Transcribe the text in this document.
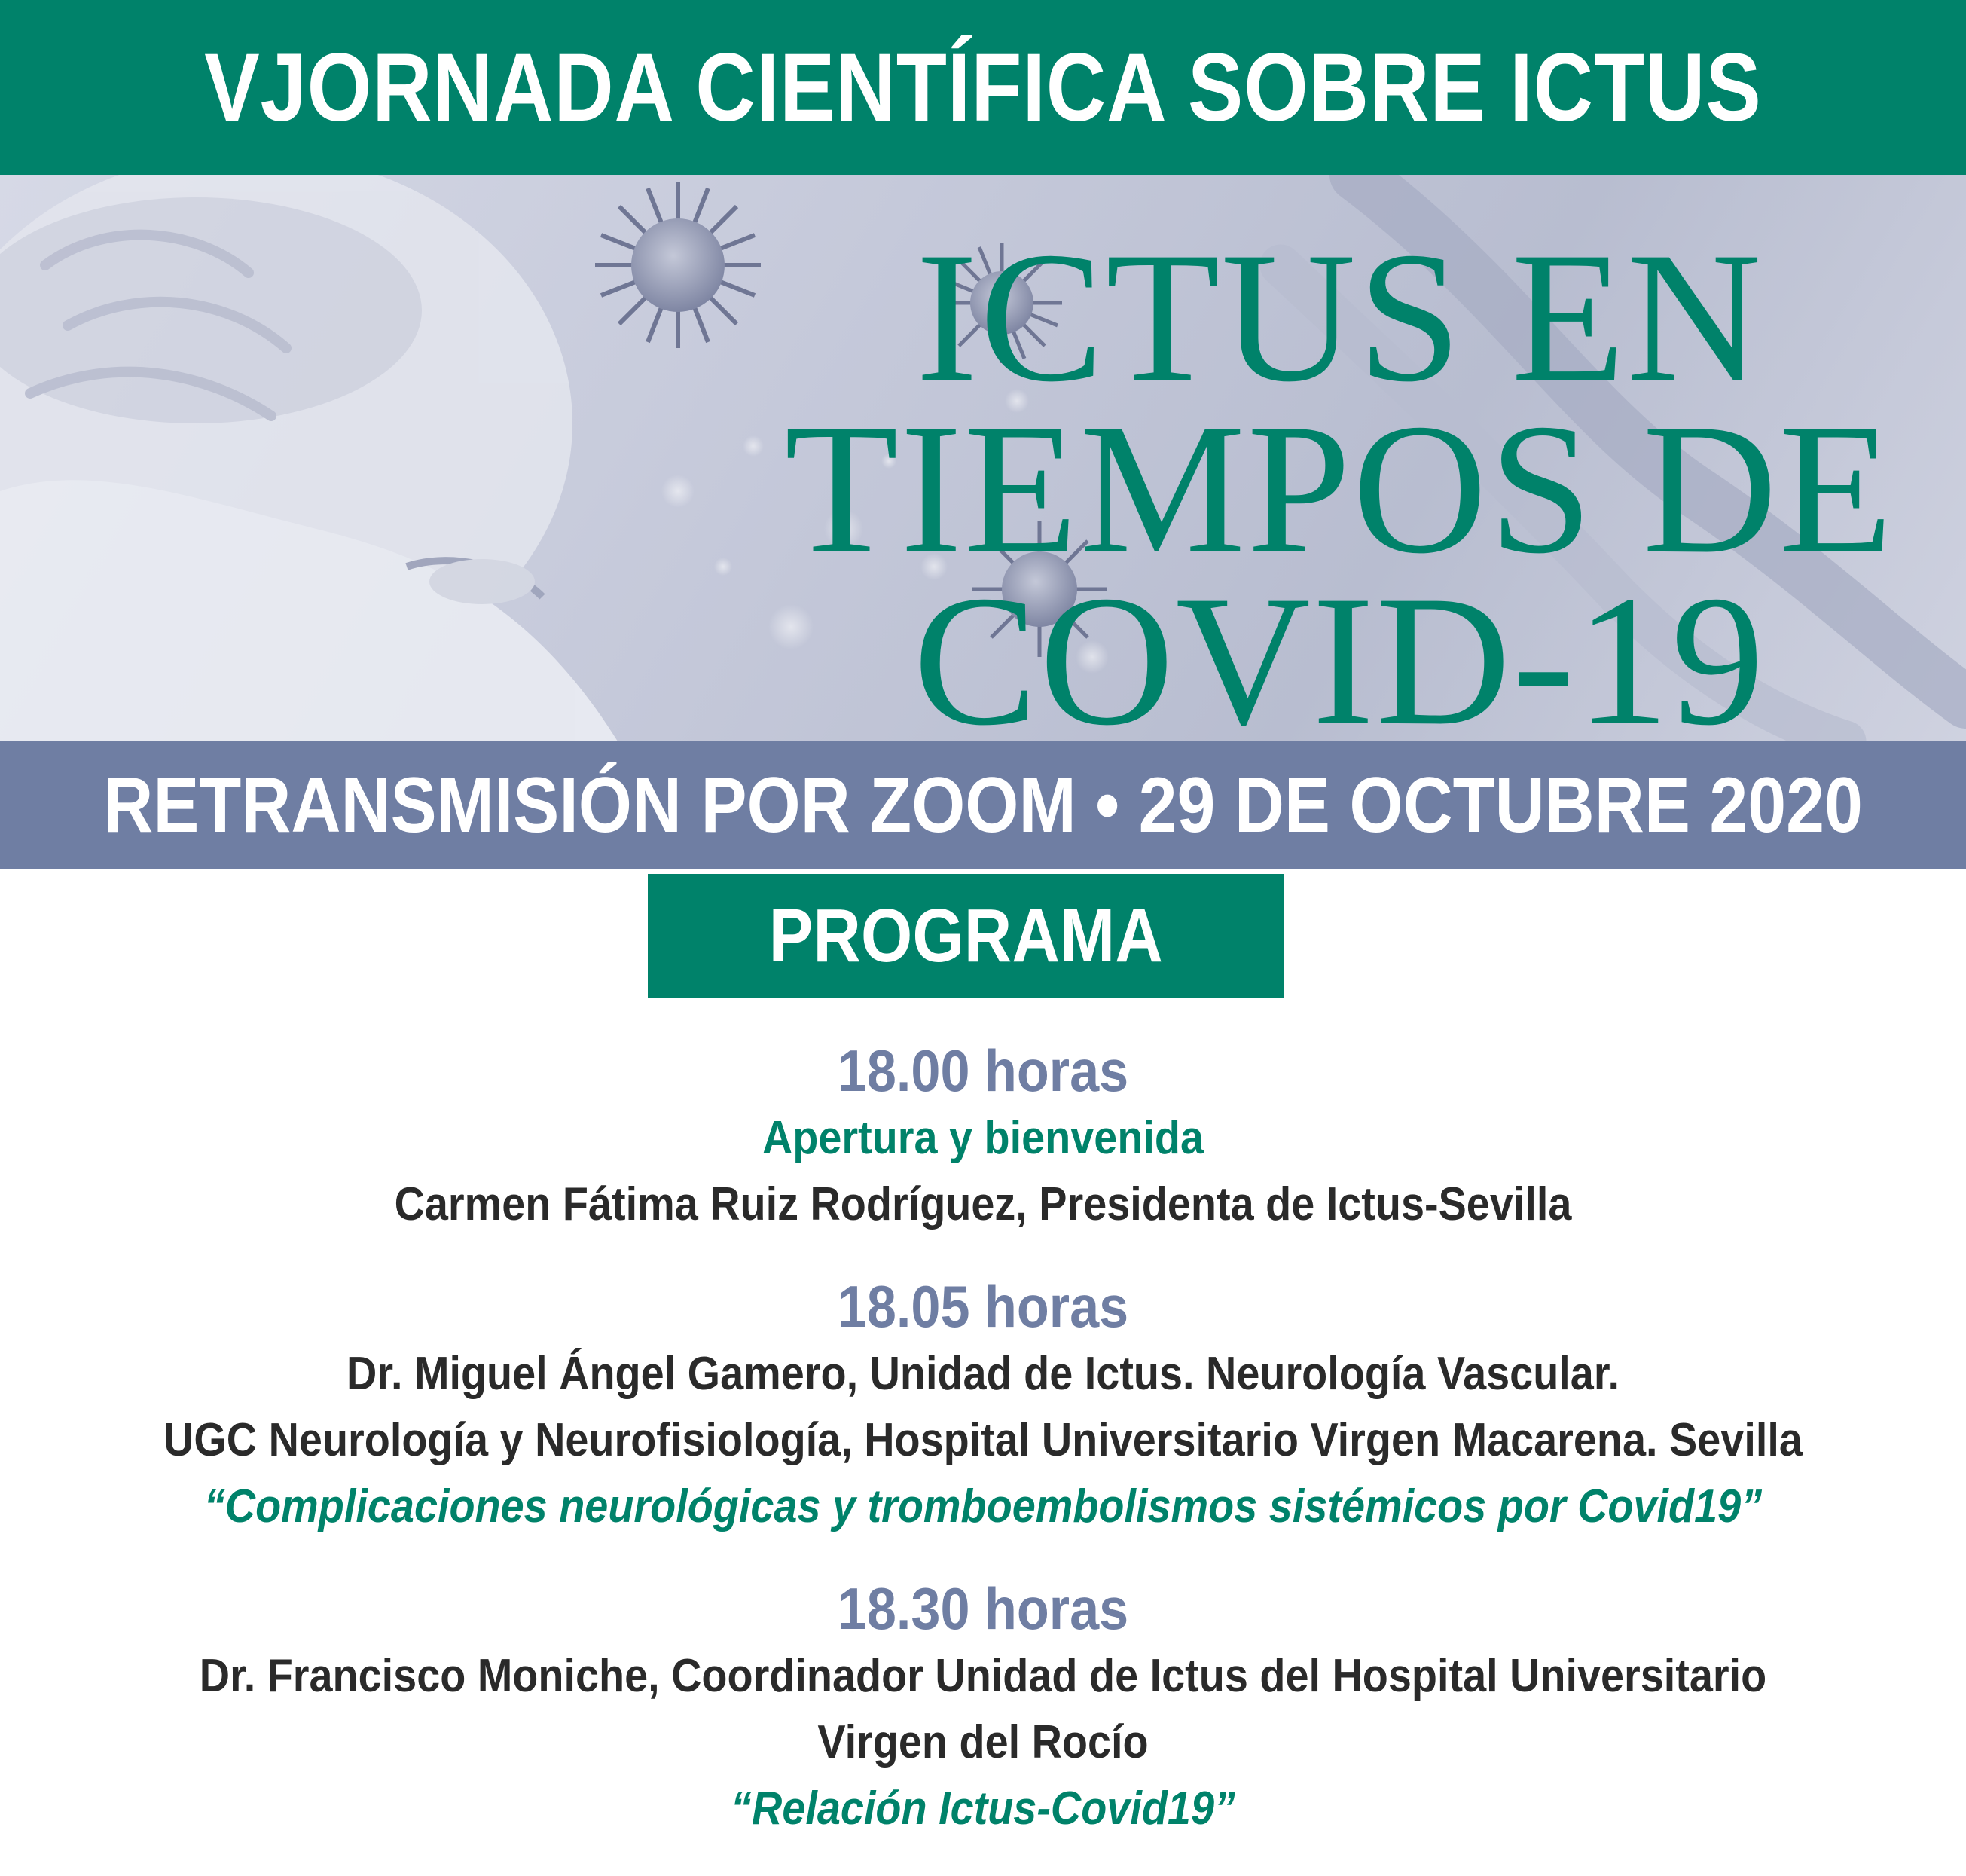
VJORNADA CIENTÍFICA SOBRE ICTUS
ICTUS EN
TIEMPOS DE
COVID-19
RETRANSMISIÓN POR ZOOM • 29 DE OCTUBRE 2020
PROGRAMA
18.00 horas
Apertura y bienvenida
Carmen Fátima Ruiz Rodríguez, Presidenta de Ictus-Sevilla
18.05 horas
Dr. Miguel Ángel Gamero, Unidad de Ictus. Neurología Vascular.
UGC Neurología y Neurofisiología, Hospital Universitario Virgen Macarena. Sevilla
“Complicaciones neurológicas y tromboembolismos sistémicos por Covid19”
18.30 horas
Dr. Francisco Moniche, Coordinador Unidad de Ictus del Hospital Universitario
Virgen del Rocío
“Relación Ictus-Covid19”
